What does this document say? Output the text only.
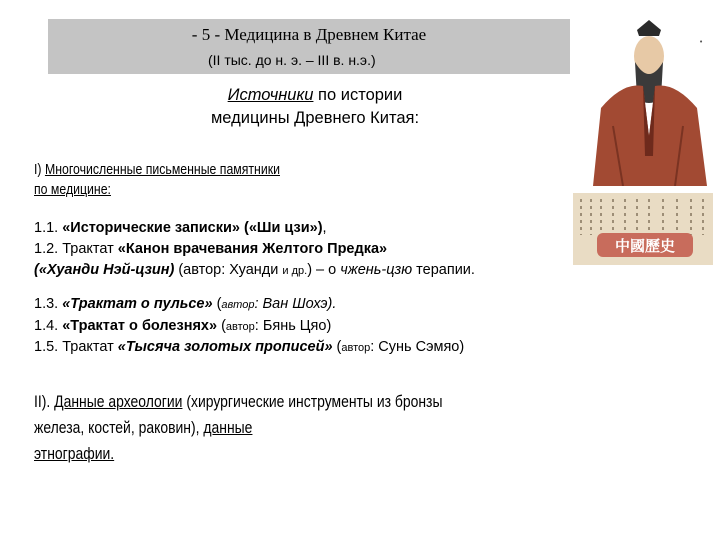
- 5 - Медицина в Древнем Китае
(II тыс. до н. э. – III в. н.э.)
Источники по истории
медицины Древнего Китая:
I) Многочисленные письменные памятники
по медицине:
1.1. «Исторические записки» («Ши цзи»),
1.2. Трактат «Канон врачевания Желтого Предка»
(«Хуанди Нэй-цзин) (автор: Хуанди и др.) – о чжень-цзю терапии.
1.3. «Трактат о пульсе» (автор: Ван Шохэ).
1.4. «Трактат о болезнях» (автор: Бянь Цяо)
1.5. Трактат «Тысяча золотых прописей» (автор: Сунь Сэмяо)
II). Данные археологии (хирургические инструменты из бронзы
железа, костей, раковин), данные
этнографии.
•
中國歷史
